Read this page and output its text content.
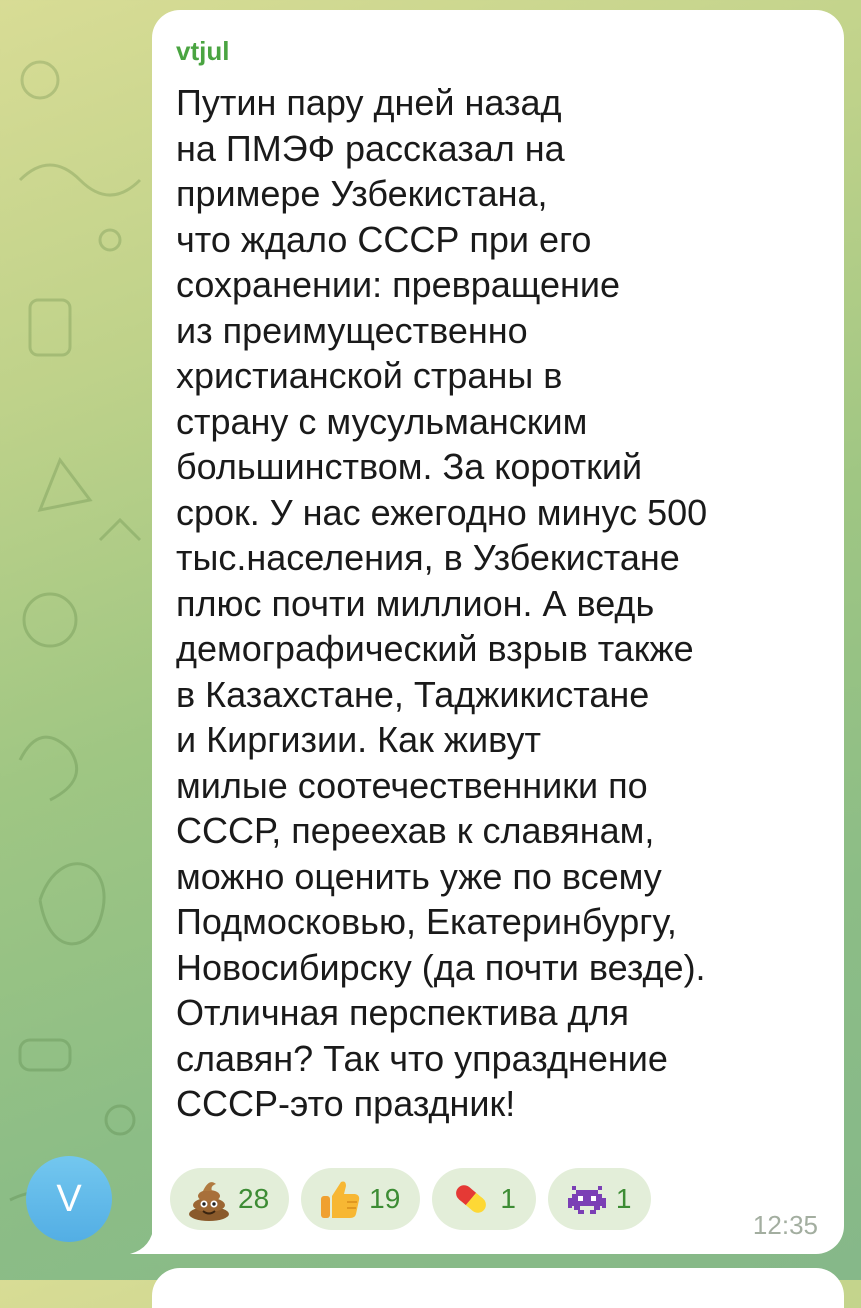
V
vtjul
Путин пару дней назад
на ПМЭФ рассказал на
примере Узбекистана,
что ждало СССР при его
сохранении: превращение
из преимущественно
христианской страны в
страну с мусульманским
большинством. За короткий
срок. У нас ежегодно минус 500
тыс.населения, в Узбекистане
плюс почти миллион. А ведь
демографический взрыв также
в Казахстане, Таджикистане
и Киргизии. Как живут
милые соотечественники по
СССР, переехав к славянам,
можно оценить уже по всему
Подмосковью, Екатеринбургу,
Новосибирску (да почти везде).
Отличная перспектива для
славян? Так что упразднение
СССР-это праздник!
28	19	1	1
12:35
